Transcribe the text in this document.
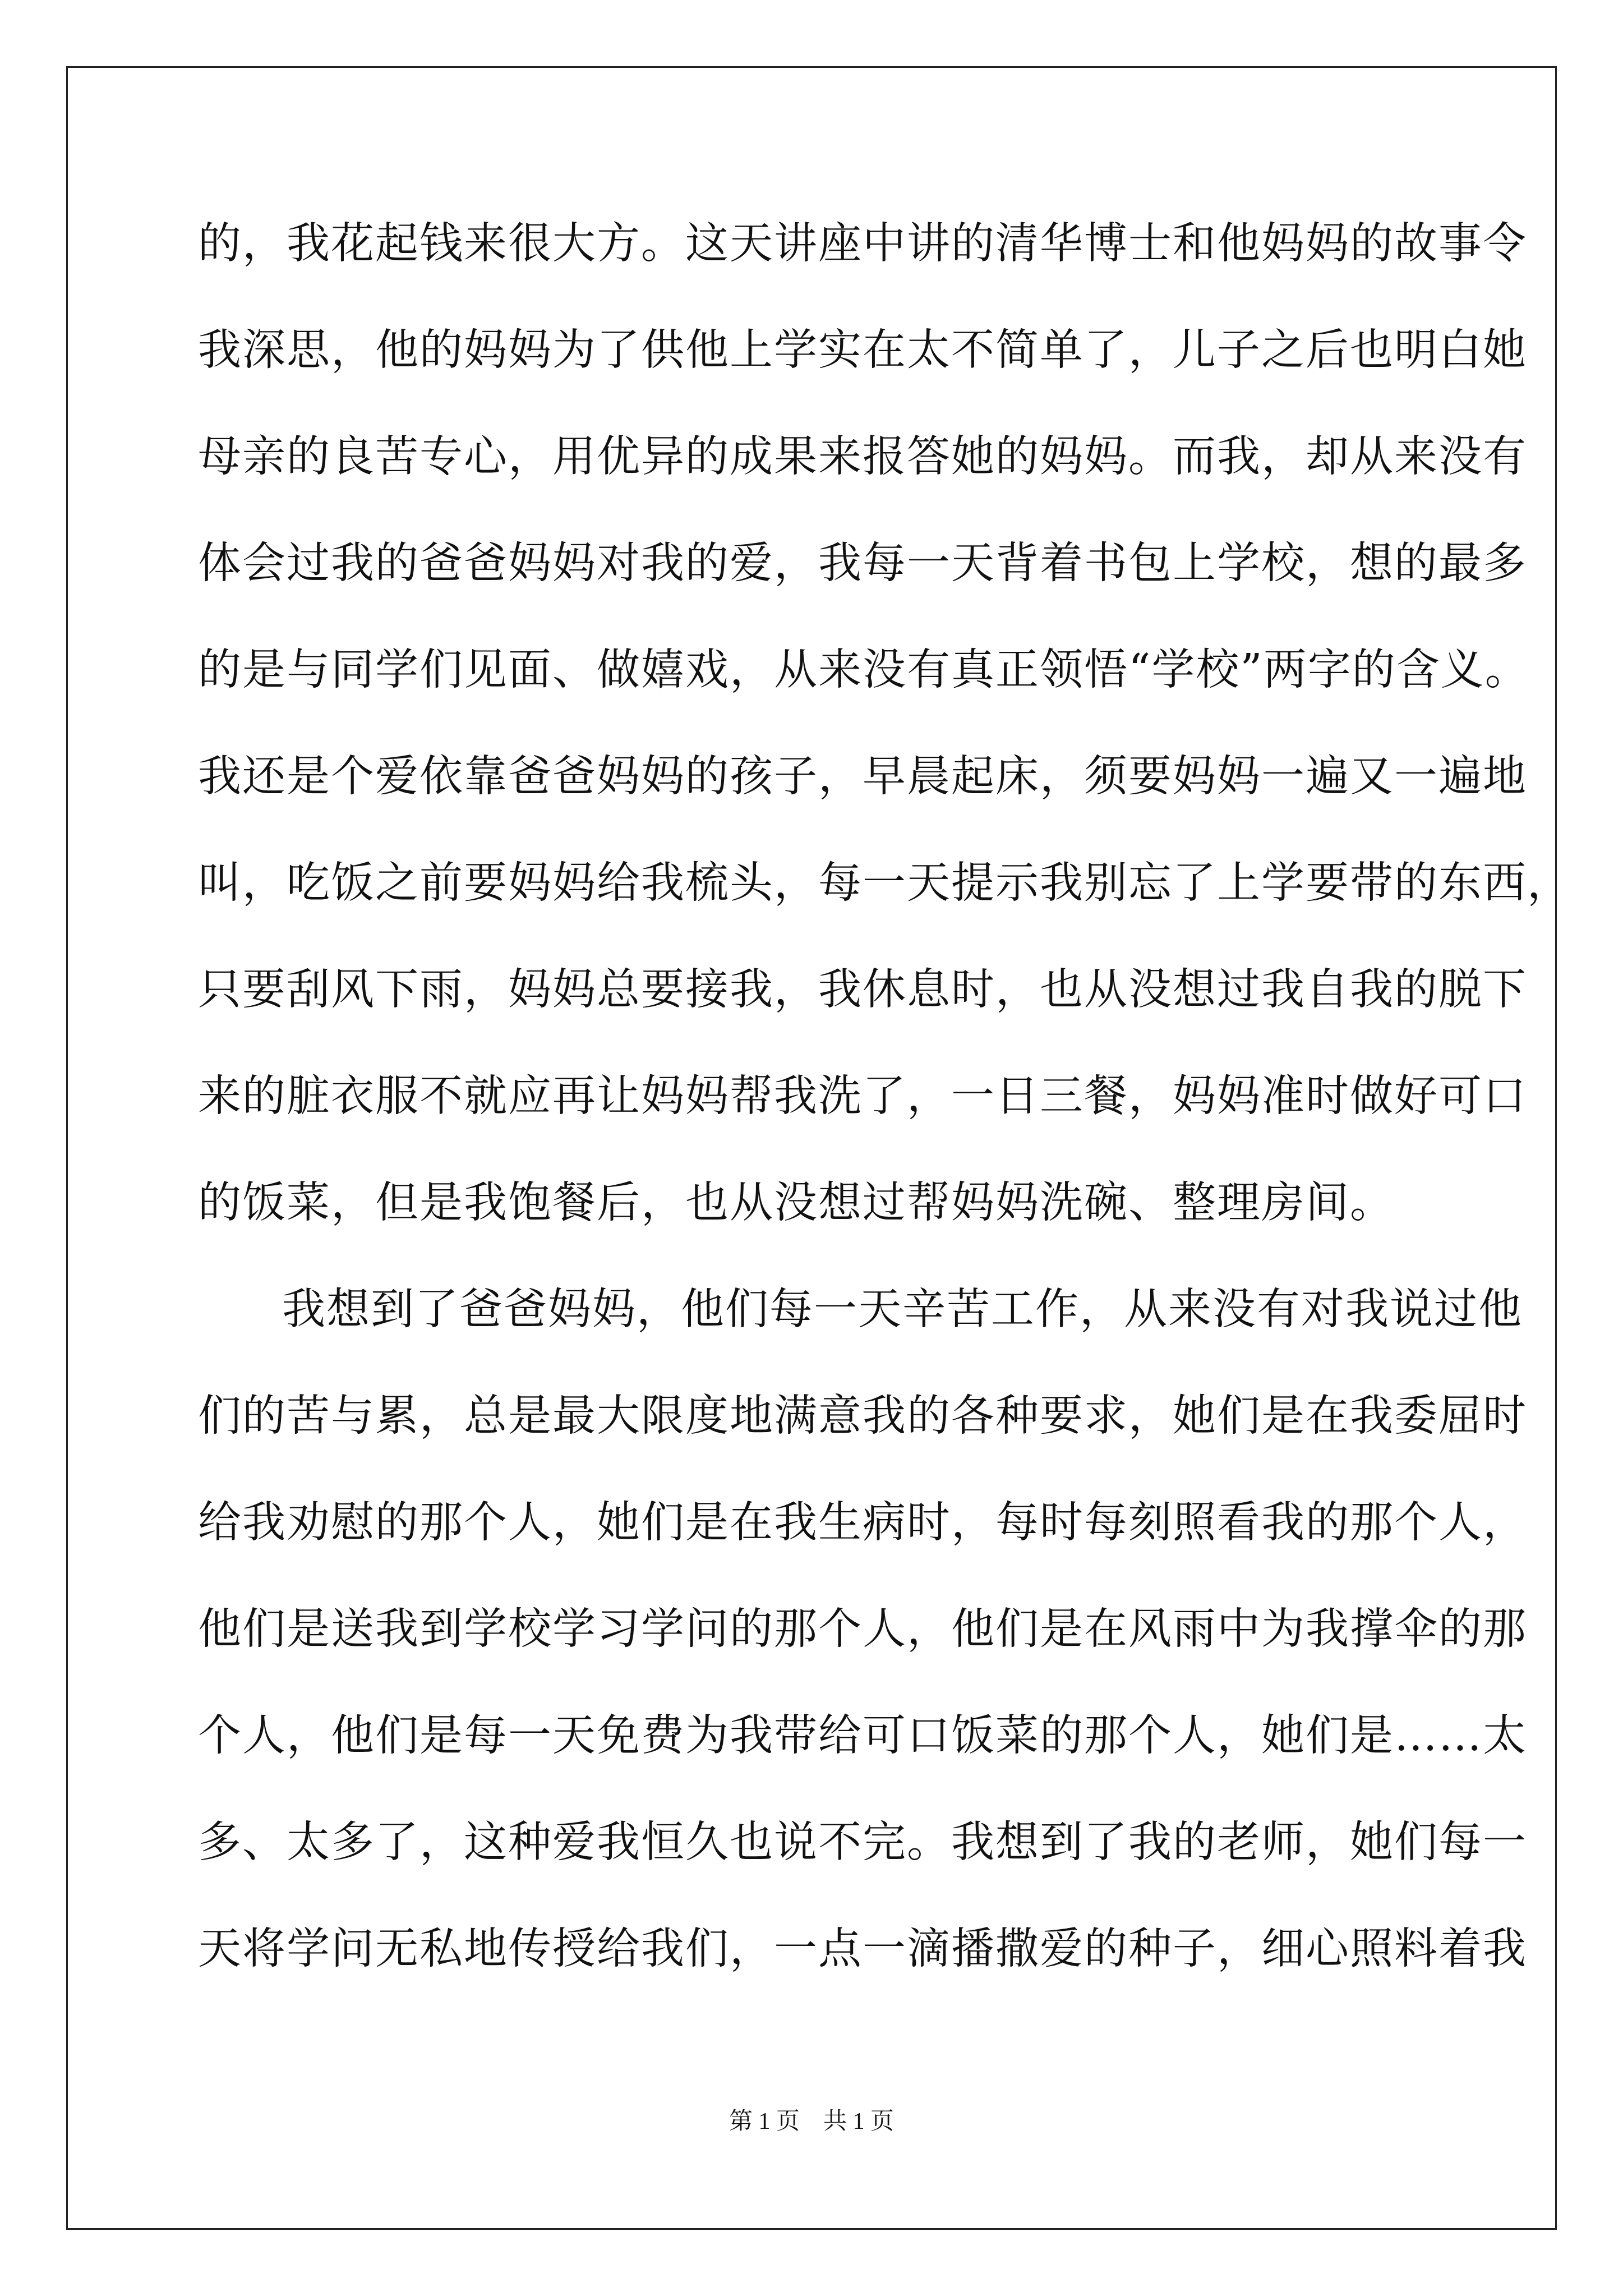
的，我花起钱来很大方。这天讲座中讲的清华博士和他妈妈的故事令
我深思，他的妈妈为了供他上学实在太不简单了，儿子之后也明白她
母亲的良苦专心，用优异的成果来报答她的妈妈。而我，却从来没有
体会过我的爸爸妈妈对我的爱，我每一天背着书包上学校，想的最多
的是与同学们见面、做嬉戏，从来没有真正领悟“学校”两字的含义。
我还是个爱依靠爸爸妈妈的孩子，早晨起床，须要妈妈一遍又一遍地
叫，吃饭之前要妈妈给我梳头，每一天提示我别忘了上学要带的东西，
只要刮风下雨，妈妈总要接我，我休息时，也从没想过我自我的脱下
来的脏衣服不就应再让妈妈帮我洗了，一日三餐，妈妈准时做好可口
的饭菜，但是我饱餐后，也从没想过帮妈妈洗碗、整理房间。
我想到了爸爸妈妈，他们每一天辛苦工作，从来没有对我说过他
们的苦与累，总是最大限度地满意我的各种要求，她们是在我委屈时
给我劝慰的那个人，她们是在我生病时，每时每刻照看我的那个人，
他们是送我到学校学习学问的那个人，他们是在风雨中为我撑伞的那
个人，他们是每一天免费为我带给可口饭菜的那个人，她们是……太
多、太多了，这种爱我恒久也说不完。我想到了我的老师，她们每一
天将学问无私地传授给我们，一点一滴播撒爱的种子，细心照料着我
第 1 页    共 1 页
